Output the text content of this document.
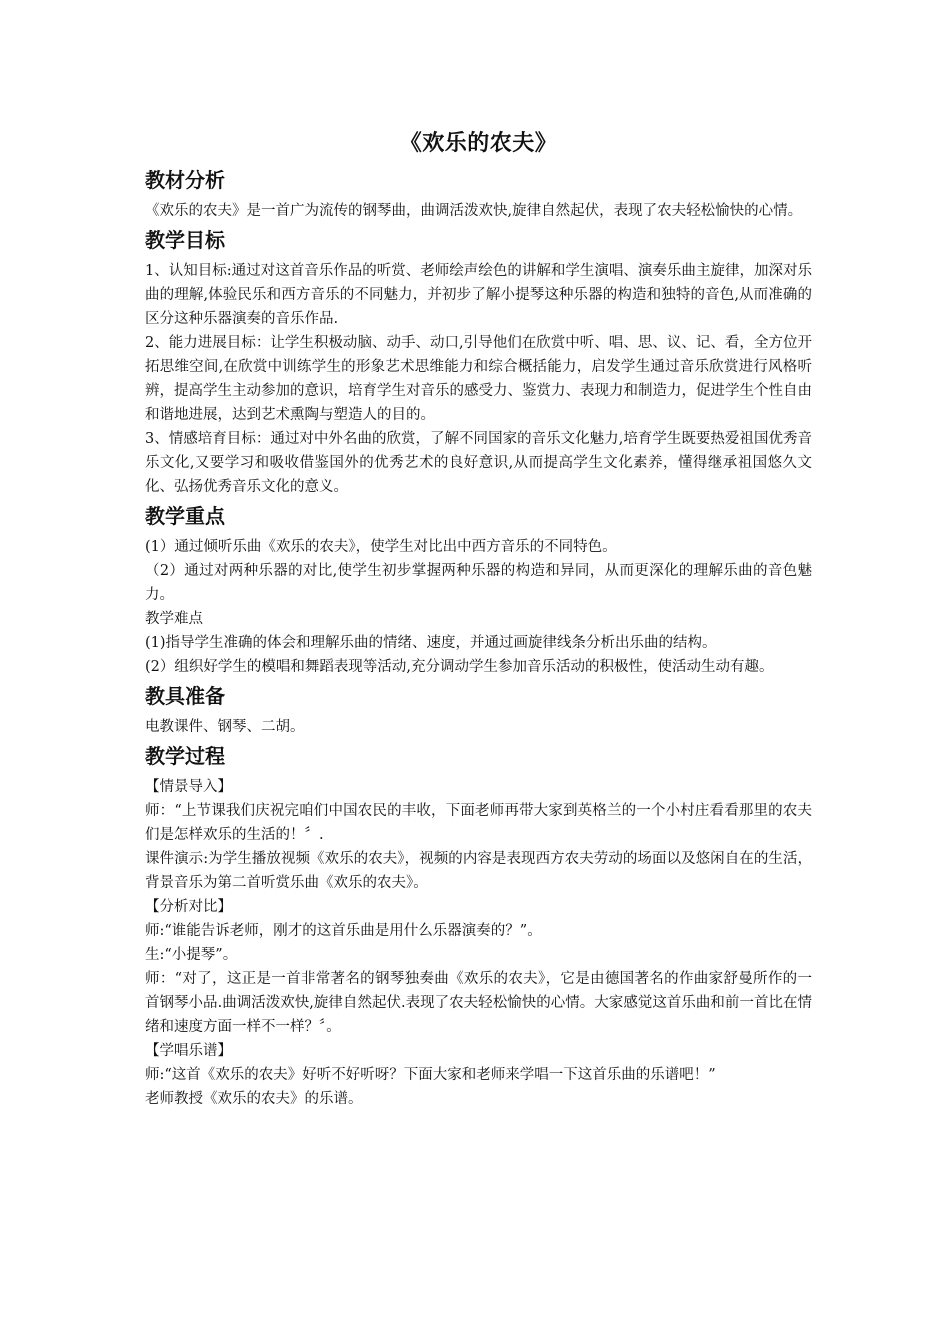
《欢乐的农夫》
教材分析

《欢乐的农夫》是一首广为流传的钢琴曲，曲调活泼欢快,旋律自然起伏，表现了农夫轻松愉快的心情。

教学目标

1、认知目标:通过对这首音乐作品的听赏、老师绘声绘色的讲解和学生演唱、演奏乐曲主旋律，加深对乐曲的理解,体验民乐和西方音乐的不同魅力，并初步了解小提琴这种乐器的构造和独特的音色,从而准确的区分这种乐器演奏的音乐作品.

2、能力进展目标：让学生积极动脑、动手、动口,引导他们在欣赏中听、唱、思、议、记、看，全方位开拓思维空间,在欣赏中训练学生的形象艺术思维能力和综合概括能力，启发学生通过音乐欣赏进行风格听辨，提高学生主动参加的意识，培育学生对音乐的感受力、鉴赏力、表现力和制造力，促进学生个性自由和谐地进展，达到艺术熏陶与塑造人的目的。

3、情感培育目标：通过对中外名曲的欣赏，了解不同国家的音乐文化魅力,培育学生既要热爱祖国优秀音乐文化,又要学习和吸收借鉴国外的优秀艺术的良好意识,从而提高学生文化素养，懂得继承祖国悠久文化、弘扬优秀音乐文化的意义。

教学重点

(1）通过倾听乐曲《欢乐的农夫》，使学生对比出中西方音乐的不同特色。

（2）通过对两种乐器的对比,使学生初步掌握两种乐器的构造和异同，从而更深化的理解乐曲的音色魅力。

教学难点

(1)指导学生准确的体会和理解乐曲的情绪、速度，并通过画旋律线条分析出乐曲的结构。

(2）组织好学生的模唱和舞蹈表现等活动,充分调动学生参加音乐活动的积极性，使活动生动有趣。

教具准备

电教课件、钢琴、二胡。

教学过程

【情景导入】

师：“上节课我们庆祝完咱们中国农民的丰收，下面老师再带大家到英格兰的一个小村庄看看那里的农夫们是怎样欢乐的生活的！〞.

课件演示:为学生播放视频《欢乐的农夫》，视频的内容是表现西方农夫劳动的场面以及悠闲自在的生活，背景音乐为第二首听赏乐曲《欢乐的农夫》。

【分析对比】

师:“谁能告诉老师，刚才的这首乐曲是用什么乐器演奏的？”。

生:“小提琴”。

师：“对了，这正是一首非常著名的钢琴独奏曲《欢乐的农夫》，它是由德国著名的作曲家舒曼所作的一首钢琴小品.曲调活泼欢快,旋律自然起伏.表现了农夫轻松愉快的心情。大家感觉这首乐曲和前一首比在情绪和速度方面一样不一样？〞。

【学唱乐谱】

师:“这首《欢乐的农夫》好听不好听呀？下面大家和老师来学唱一下这首乐曲的乐谱吧！”

老师教授《欢乐的农夫》的乐谱。
